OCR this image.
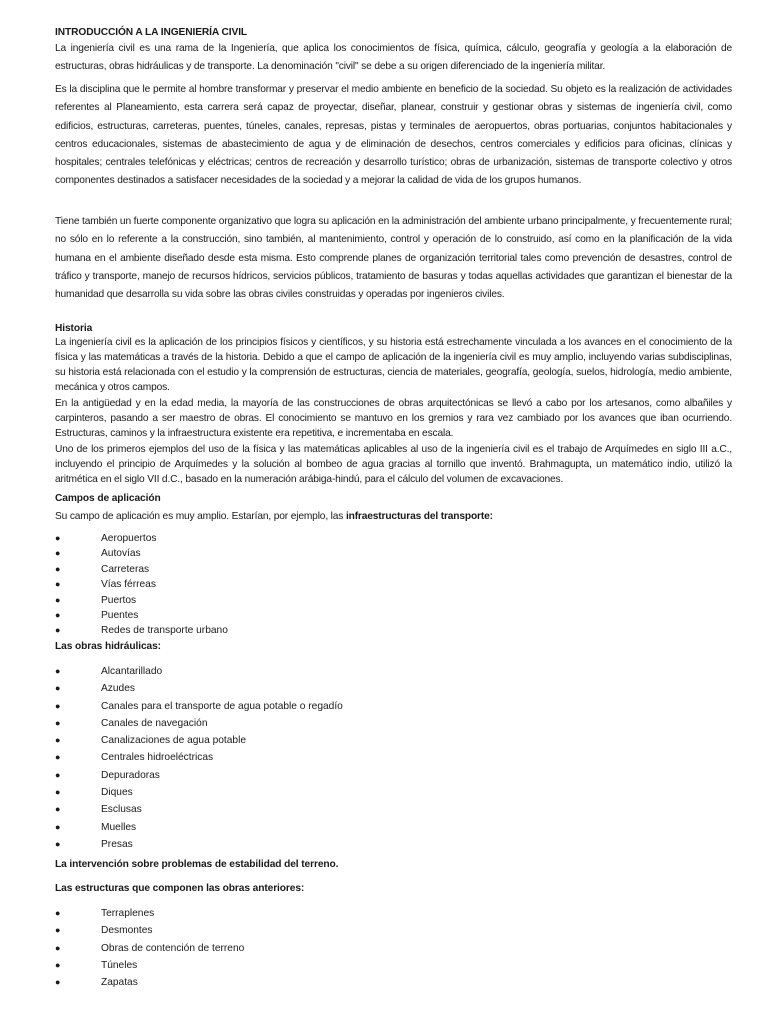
INTRODUCCIÓN A LA INGENIERÍA CIVIL

La ingeniería civil es una rama de la Ingeniería, que aplica los conocimientos de física, química, cálculo, geografía y geología a la elaboración de estructuras, obras hidráulicas y de transporte. La denominación "civil" se debe a su origen diferenciado de la ingeniería militar.

Es la disciplina que le permite al hombre transformar y preservar el medio ambiente en beneficio de la sociedad. Su objeto es la realización de actividades referentes al Planeamiento, esta carrera será capaz de proyectar, diseñar, planear, construir y gestionar obras y sistemas de ingeniería civil, como edificios, estructuras, carreteras, puentes, túneles, canales, represas, pistas y terminales de aeropuertos, obras portuarias, conjuntos habitacionales y centros educacionales, sistemas de abastecimiento de agua y de eliminación de desechos, centros comerciales y edificios para oficinas, clínicas y hospitales; centrales telefónicas y eléctricas; centros de recreación y desarrollo turístico; obras de urbanización, sistemas de transporte colectivo y otros componentes destinados a satisfacer necesidades de la sociedad y a mejorar la calidad de vida de los grupos humanos.

Tiene también un fuerte componente organizativo que logra su aplicación en la administración del ambiente urbano principalmente, y frecuentemente rural; no sólo en lo referente a la construcción, sino también, al mantenimiento, control y operación de lo construido, así como en la planificación de la vida humana en el ambiente diseñado desde esta misma. Esto comprende planes de organización territorial tales como prevención de desastres, control de tráfico y transporte, manejo de recursos hídricos, servicios públicos, tratamiento de basuras y todas aquellas actividades que garantizan el bienestar de la humanidad que desarrolla su vida sobre las obras civiles construidas y operadas por ingenieros civiles.

Historia

La ingeniería civil es la aplicación de los principios físicos y científicos, y su historia está estrechamente vinculada a los avances en el conocimiento de la física y las matemáticas a través de la historia. Debido a que el campo de aplicación de la ingeniería civil es muy amplio, incluyendo varias subdisciplinas, su historia está relacionada con el estudio y la comprensión de estructuras, ciencia de materiales, geografía, geología, suelos, hidrología, medio ambiente, mecánica y otros campos.

En la antigüedad y en la edad media, la mayoría de las construcciones de obras arquitectónicas se llevó a cabo por los artesanos, como albañiles y carpinteros, pasando a ser maestro de obras. El conocimiento se mantuvo en los gremios y rara vez cambiado por los avances que iban ocurriendo. Estructuras, caminos y la infraestructura existente era repetitiva, e incrementaba en escala.

Uno de los primeros ejemplos del uso de la física y las matemáticas aplicables al uso de la ingeniería civil es el trabajo de Arquímedes en siglo III a.C., incluyendo el principio de Arquímedes y la solución al bombeo de agua gracias al tornillo que inventó. Brahmagupta, un matemático indio, utilizó la aritmética en el siglo VII d.C., basado en la numeración arábiga-hindú, para el cálculo del volumen de excavaciones.

Campos de aplicación
Su campo de aplicación es muy amplio. Estarían, por ejemplo, las infraestructuras del transporte:
●	Aeropuertos
●	Autovías
●	Carreteras
●	Vías férreas
●	Puertos
●	Puentes
●	Redes de transporte urbano
Las obras hidráulicas:
●	Alcantarillado
●	Azudes
●	Canales para el transporte de agua potable o regadío
●	Canales de navegación
●	Canalizaciones de agua potable
●	Centrales hidroeléctricas
●	Depuradoras
●	Diques
●	Esclusas
●	Muelles
●	Presas
La intervención sobre problemas de estabilidad del terreno.
Las estructuras que componen las obras anteriores:
●	Terraplenes
●	Desmontes
●	Obras de contención de terreno
●	Túneles
●	Zapatas
